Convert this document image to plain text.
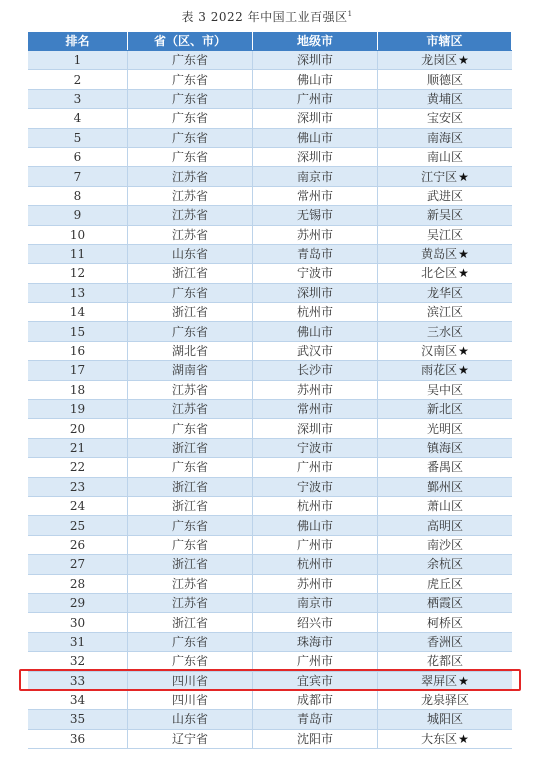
表 3 2022 年中国工业百强区$^1$
排名	省（区、市）	地级市	市辖区
1	广东省	深圳市	龙岗区 ★
2	广东省	佛山市	顺德区
3	广东省	广州市	黄埔区
4	广东省	深圳市	宝安区
5	广东省	佛山市	南海区
6	广东省	深圳市	南山区
7	江苏省	南京市	江宁区 ★
8	江苏省	常州市	武进区
9	江苏省	无锡市	新吴区
10	江苏省	苏州市	吴江区
11	山东省	青岛市	黄岛区 ★
12	浙江省	宁波市	北仑区 ★
13	广东省	深圳市	龙华区
14	浙江省	杭州市	滨江区
15	广东省	佛山市	三水区
16	湖北省	武汉市	汉南区 ★
17	湖南省	长沙市	雨花区 ★
18	江苏省	苏州市	吴中区
19	江苏省	常州市	新北区
20	广东省	深圳市	光明区
21	浙江省	宁波市	镇海区
22	广东省	广州市	番禺区
23	浙江省	宁波市	鄞州区
24	浙江省	杭州市	萧山区
25	广东省	佛山市	高明区
26	广东省	广州市	南沙区
27	浙江省	杭州市	余杭区
28	江苏省	苏州市	虎丘区
29	江苏省	南京市	栖霞区
30	浙江省	绍兴市	柯桥区
31	广东省	珠海市	香洲区
32	广东省	广州市	花都区
33	四川省	宜宾市	翠屏区 ★
34	四川省	成都市	龙泉驿区
35	山东省	青岛市	城阳区
36	辽宁省	沈阳市	大东区 ★
